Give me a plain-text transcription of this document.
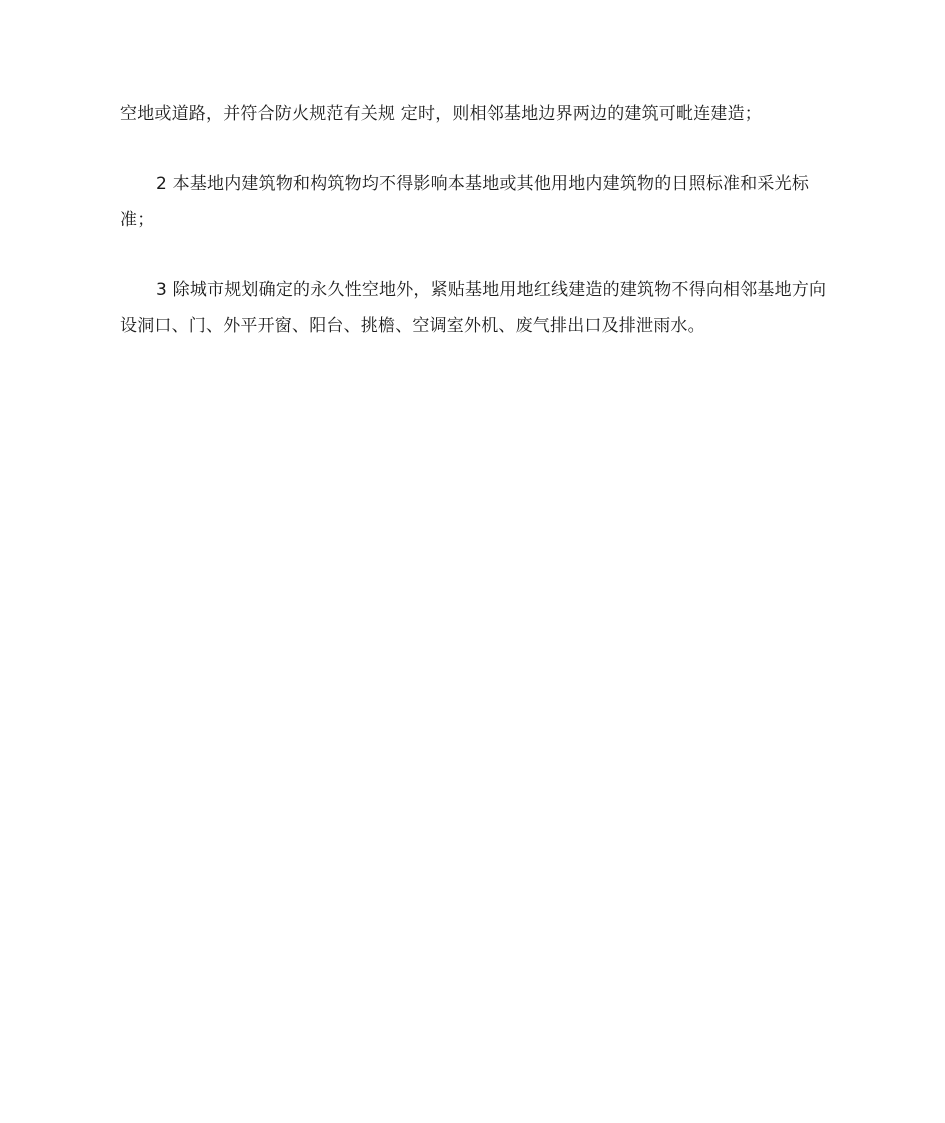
空地或道路，并符合防火规范有关规 定时，则相邻基地边界两边的建筑可毗连建造；

2 本基地内建筑物和构筑物均不得影响本基地或其他用地内建筑物的日照标准和采光标准；

3 除城市规划确定的永久性空地外，紧贴基地用地红线建造的建筑物不得向相邻基地方向设洞口、门、外平开窗、阳台、挑檐、空调室外机、废气排出口及排泄雨水。
